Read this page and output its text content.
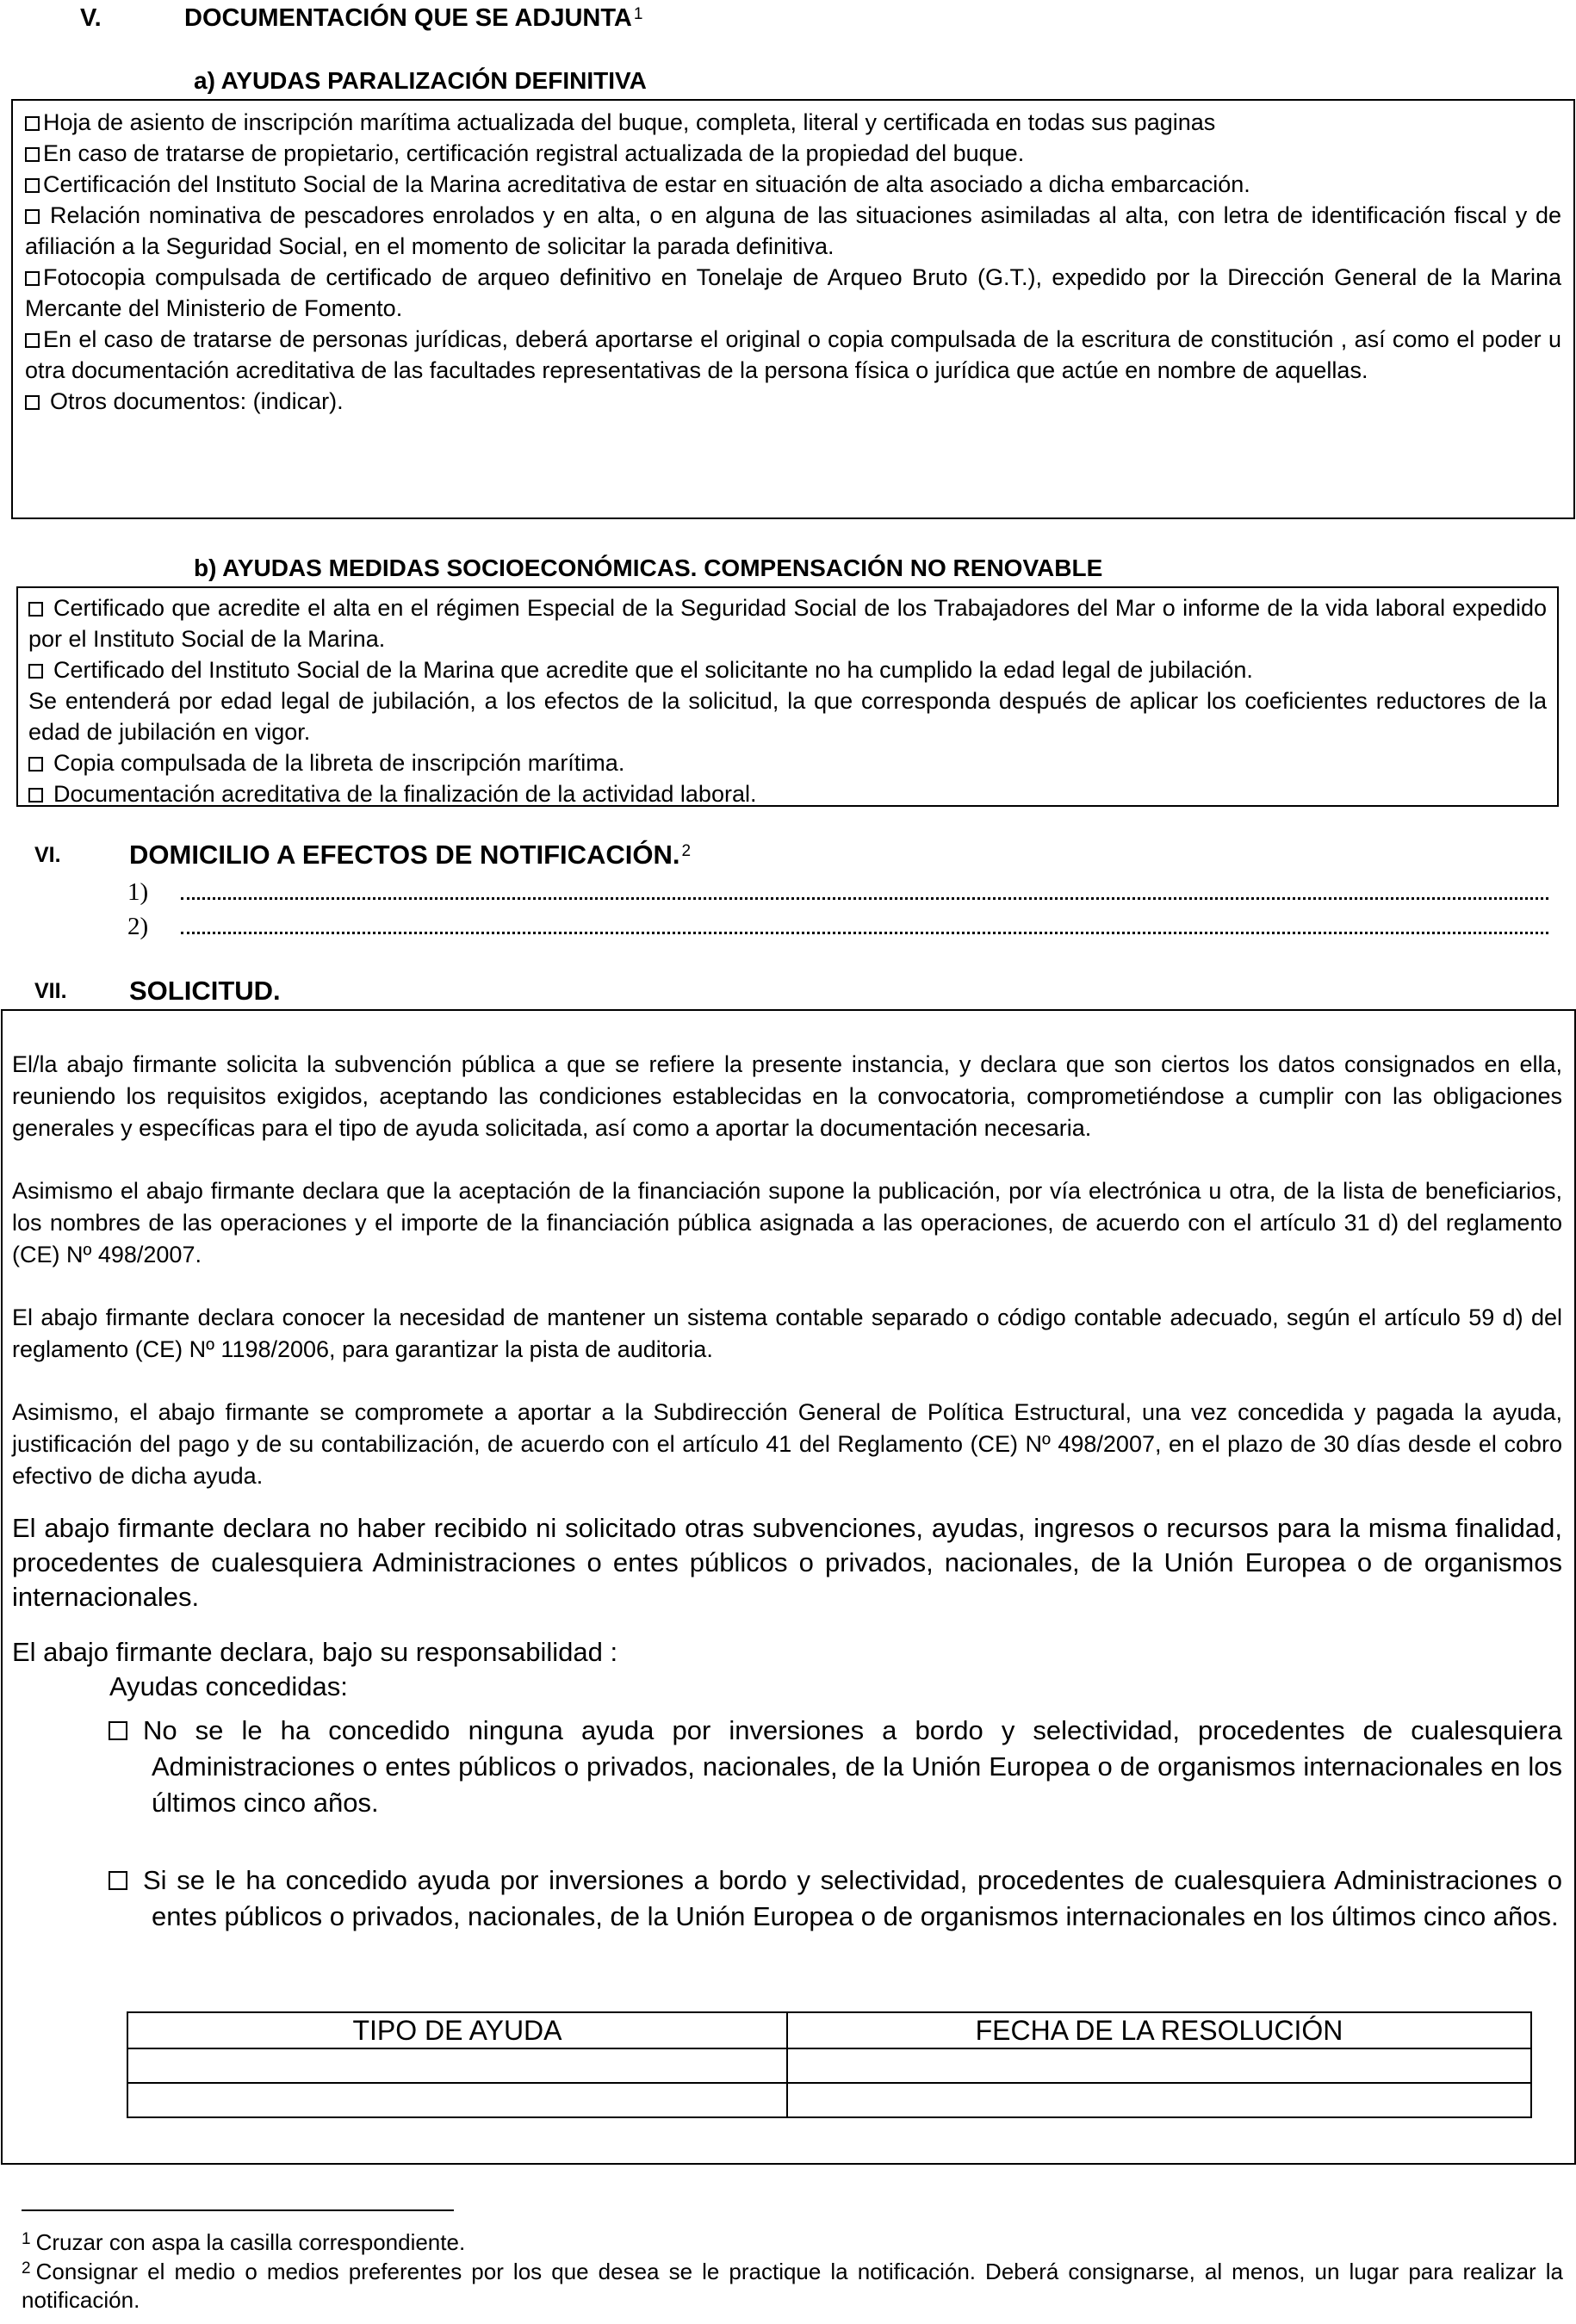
V.	DOCUMENTACIÓN QUE SE ADJUNTA $^1$
a) AYUDAS PARALIZACIÓN DEFINITIVA
Hoja de asiento de inscripción marítima actualizada del buque, completa, literal y certificada en todas sus paginas
En caso de tratarse de propietario, certificación registral actualizada de la propiedad del buque.
Certificación del Instituto Social de la Marina acreditativa de estar en situación de alta asociado a dicha embarcación.
Relación nominativa de pescadores enrolados y en alta, o en alguna de las situaciones asimiladas al alta, con letra de identificación fiscal y de afiliación a la Seguridad Social, en el momento de solicitar la parada definitiva.
Fotocopia compulsada de certificado de arqueo definitivo en Tonelaje de Arqueo Bruto (G.T.), expedido por la Dirección General de la Marina Mercante del Ministerio de Fomento.
En el caso de tratarse de personas jurídicas, deberá aportarse el original o copia compulsada de la escritura de constitución , así como el poder u otra documentación acreditativa de las facultades representativas de la persona física o jurídica que actúe en nombre de aquellas.
Otros documentos: (indicar).
b) AYUDAS MEDIDAS SOCIOECONÓMICAS. COMPENSACIÓN NO RENOVABLE
Certificado que acredite el alta en el régimen Especial de la Seguridad Social de los Trabajadores del Mar o informe de la vida laboral expedido por el Instituto Social de la Marina.
Certificado del Instituto Social de la Marina que acredite que el solicitante no ha cumplido la edad legal de jubilación.
Se entenderá por edad legal de jubilación, a los efectos de la solicitud, la que corresponda después de aplicar los coeficientes reductores de la edad de jubilación en vigor.
Copia compulsada de la libreta de inscripción marítima.
Documentación acreditativa de la finalización de la actividad laboral.
VI.	DOMICILIO A EFECTOS DE NOTIFICACIÓN. $^2$
1)
2)
VII. SOLICITUD.

El/la abajo firmante solicita la subvención pública a que se refiere la presente instancia, y declara que son ciertos los datos consignados en ella, reuniendo los requisitos exigidos, aceptando las condiciones establecidas en la convocatoria, comprometiéndose a cumplir con las obligaciones generales y específicas para el tipo de ayuda solicitada, así como a aportar la documentación necesaria.

Asimismo el abajo firmante declara que la aceptación de la financiación supone la publicación, por vía electrónica u otra, de la lista de beneficiarios, los nombres de las operaciones y el importe de la financiación pública asignada a las operaciones, de acuerdo con el artículo 31 d) del reglamento (CE) Nº 498/2007.

El abajo firmante declara conocer la necesidad de mantener un sistema contable separado o código contable adecuado, según el artículo 59 d) del reglamento (CE) Nº 1198/2006, para garantizar la pista de auditoria.

Asimismo, el abajo firmante se compromete a aportar a la Subdirección General de Política Estructural, una vez concedida y pagada la ayuda, justificación del pago y de su contabilización, de acuerdo con el artículo 41 del Reglamento (CE) Nº 498/2007, en el plazo de 30 días desde el cobro efectivo de dicha ayuda.

El abajo firmante declara no haber recibido ni solicitado otras subvenciones, ayudas, ingresos o recursos para la misma finalidad, procedentes de cualesquiera Administraciones o entes públicos o privados, nacionales, de la Unión Europea o de organismos internacionales.

El abajo firmante declara, bajo su responsabilidad :

Ayudas concedidas:
No se le ha concedido ninguna ayuda por inversiones a bordo y selectividad, procedentes de cualesquiera Administraciones o entes públicos o privados, nacionales, de la Unión Europea o de organismos internacionales en los últimos cinco años.
Si se le ha concedido ayuda por inversiones a bordo y selectividad, procedentes de cualesquiera Administraciones o entes públicos o privados, nacionales, de la Unión Europea o de organismos internacionales en los últimos cinco años.
TIPO DE AYUDA	FECHA DE LA RESOLUCIÓN

$^1$ Cruzar con aspa la casilla correspondiente.
$^2$ Consignar el medio o medios preferentes por los que desea se le practique la notificación. Deberá consignarse, al menos, un lugar para realizar la notificación.
